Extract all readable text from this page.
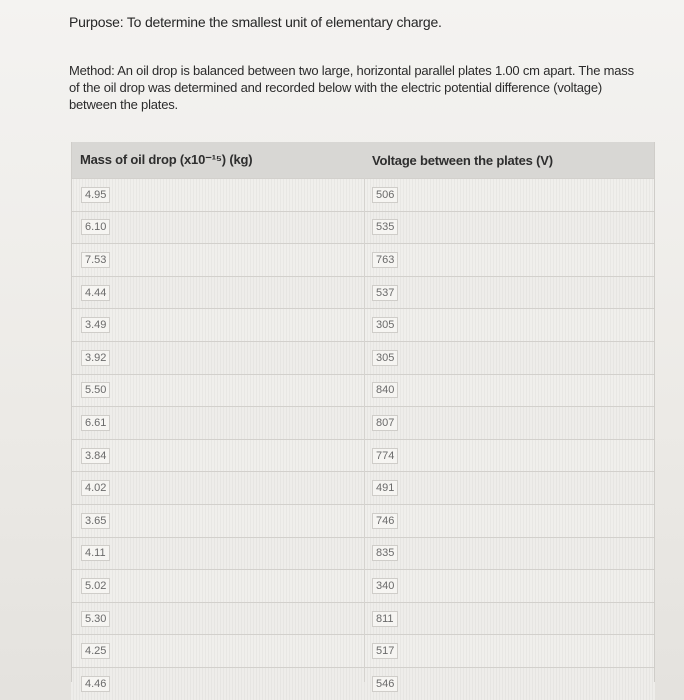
Purpose: To determine the smallest unit of elementary charge.
Method: An oil drop is balanced between two large, horizontal parallel plates 1.00 cm apart. The mass of the oil drop was determined and recorded below with the electric potential difference (voltage) between the plates.
Mass of oil drop (x10⁻¹⁵) (kg)	Voltage between the plates (V)
4.95	506
6.10	535
7.53	763
4.44	537
3.49	305
3.92	305
5.50	840
6.61	807
3.84	774
4.02	491
3.65	746
4.11	835
5.02	340
5.30	811
4.25	517
4.46	546
